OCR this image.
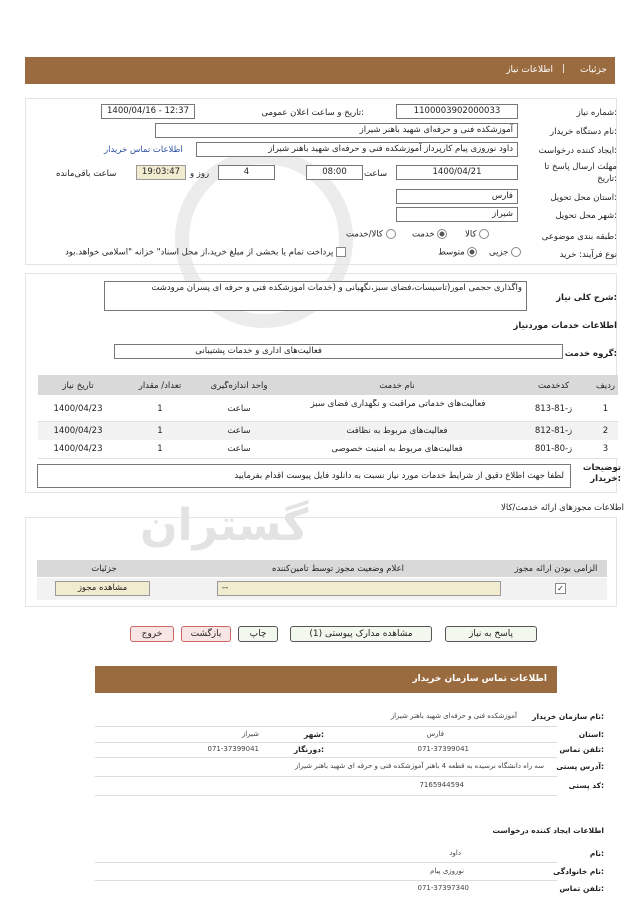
جزئیات
|
اطلاعات نیاز
گستران
شماره نیاز:
1100003902000033
تاریخ و ساعت اعلان عمومی:
1400/04/16 - 12:37
نام دستگاه خریدار:
آموزشکده فنی و حرفه‌ای شهید باهنر شیراز
ایجاد کننده درخواست:
داود نوروزی پیام کارپرداز آموزشکده فنی و حرفه‌ای شهید باهنر شیراز
اطلاعات تماس خریدار
مهلت ارسال پاسخ تا تاریخ:
1400/04/21
ساعت
08:00
4
روز و
19:03:47
ساعت باقی‌مانده
استان محل تحویل:
فارس
شهر محل تحویل:
شیراز
طبقه بندی موضوعی:
کالا
خدمت
کالا/خدمت
نوع فرآیند: خرید
جزیی
متوسط
پرداخت تمام یا بخشی از مبلغ خرید،از محل اسناد" خزانه "اسلامی خواهد.بود
شرح کلی نیاز:
واگذاری حجمی امور(تاسیسات،فضای سبز،نگهبانی و (خدمات اموزشکده فنی و حرفه ای پسران مرودشت
اطلاعات خدمات مورد‌نیاز
گروه خدمت:
فعالیت‌های اداری و خدمات پشتیبانی
ردیف
کدخدمت
نام خدمت
واحد اندازه‌گیری
تعداد/ مقدار
تاریخ نیاز
1
ز-81-813
فعالیت‌های خدماتی مراقبت و نگهداری فضای سبز
ساعت
1
1400/04/23
2
ز-81-812
فعالیت‌های مربوط به نظافت
ساعت
1
1400/04/23
3
ز-80-801
فعالیت‌های مربوط به امنیت خصوصی
ساعت
1
1400/04/23
توضیحات خریدار:
لطفا جهت اطلاع دقیق از شرایط خدمات مورد نیاز نسبت به دانلود فایل پیوست اقدام بفرمایید
اطلاعات مجوزهای ارائه خدمت/کالا
الزامی بودن ارائه مجوز
اعلام وضعیت مجوز توسط تامین‌کننده
جزئیات
✓
--
مشاهده مجوز
پاسخ به نیاز
مشاهده مدارک پیوستی (1)
چاپ
بازگشت
خروج
اطلاعات تماس سازمان خریدار
نام سازمان خریدار:
آموزشکده فنی و حرفه‌ای شهید باهنر شیراز
استان:
فارس
شهر:
شیراز
تلفن تماس:
071-37399041
دورنگار:
071-37399041
آدرس پستی:
سه راه دانشگاه نرسیده به قطعه 4 باهنر آموزشکده فنی و حرفه ای شهید باهنر شیراز
کد پستی:
7165944594
اطلاعات ایجاد کننده درخواست
نام:
داود
نام خانوادگی:
نوروزی پیام
تلفن تماس:
071-37397340
